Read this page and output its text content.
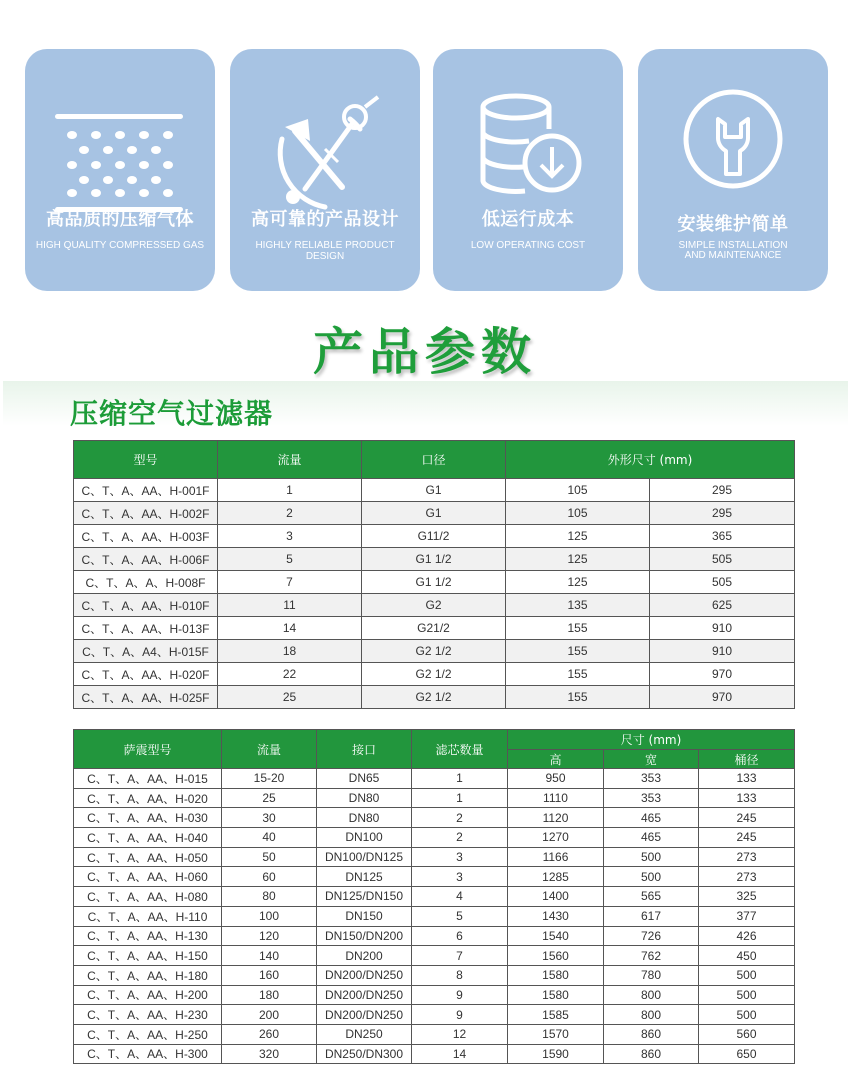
高品质的压缩气体
HIGH QUALITY COMPRESSED GAS
高可靠的产品设计
HIGHLY RELIABLE PRODUCT DESIGN
低运行成本
LOW OPERATING COST
安装维护简单
SIMPLE INSTALLATION
AND MAINTENANCE
产品参数
压缩空气过滤器
型号	流量	口径	外形尺寸 (mm)	
C、T、A、AA、H-001F	1	G1	105	295
C、T、A、AA、H-002F	2	G1	105	295
C、T、A、AA、H-003F	3	G11/2	125	365
C、T、A、AA、H-006F	5	G1 1/2	125	505
C、T、A、A、H-008F	7	G1 1/2	125	505
C、T、A、AA、H-010F	11	G2	135	625
C、T、A、AA、H-013F	14	G21/2	155	910
C、T、A、A4、H-015F	18	G2 1/2	155	910
C、T、A、AA、H-020F	22	G2 1/2	155	970
C、T、A、AA、H-025F	25	G2 1/2	155	970
萨震型号	流量	接口	滤芯数量	尺寸 (mm)		
				高	宽	桶径
C、T、A、AA、H-015	15-20	DN65	1	950	353	133
C、T、A、AA、H-020	25	DN80	1	1110	353	133
C、T、A、AA、H-030	30	DN80	2	1120	465	245
C、T、A、AA、H-040	40	DN100	2	1270	465	245
C、T、A、AA、H-050	50	DN100/DN125	3	1166	500	273
C、T、A、AA、H-060	60	DN125	3	1285	500	273
C、T、A、AA、H-080	80	DN125/DN150	4	1400	565	325
C、T、A、AA、H-110	100	DN150	5	1430	617	377
C、T、A、AA、H-130	120	DN150/DN200	6	1540	726	426
C、T、A、AA、H-150	140	DN200	7	1560	762	450
C、T、A、AA、H-180	160	DN200/DN250	8	1580	780	500
C、T、A、AA、H-200	180	DN200/DN250	9	1580	800	500
C、T、A、AA、H-230	200	DN200/DN250	9	1585	800	500
C、T、A、AA、H-250	260	DN250	12	1570	860	560
C、T、A、AA、H-300	320	DN250/DN300	14	1590	860	650
